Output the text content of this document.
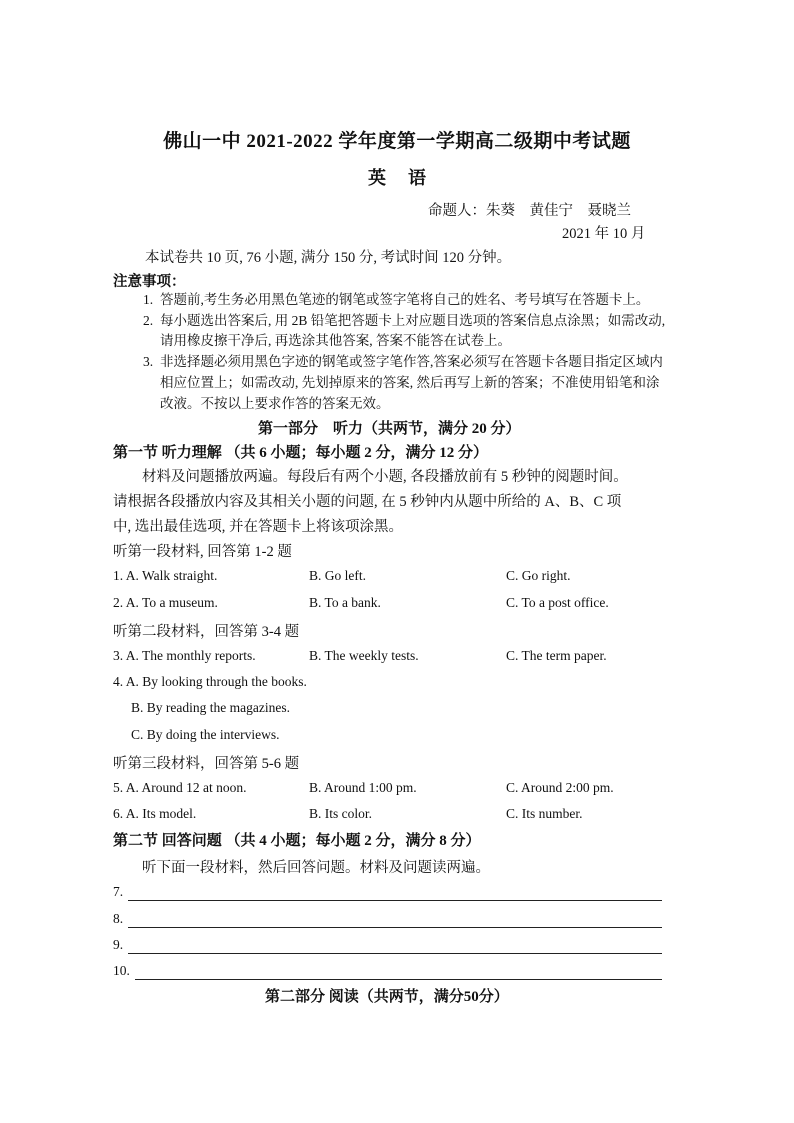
佛山一中 2021-2022 学年度第一学期高二级期中考试题
英语
命题人：朱葵　黄佳宁　聂晓兰
2021 年 10 月
本试卷共 10 页, 76 小题, 满分 150 分, 考试时间 120 分钟。
注意事项：
1. 答题前,考生务必用黑色笔迹的钢笔或签字笔将自己的姓名、考号填写在答题卡上。
2. 每小题选出答案后, 用 2B 铅笔把答题卡上对应题目选项的答案信息点涂黑；如需改动,
请用橡皮擦干净后, 再选涂其他答案, 答案不能答在试卷上。
3. 非选择题必须用黑色字迹的钢笔或签字笔作答,答案必须写在答题卡各题目指定区域内
相应位置上；如需改动, 先划掉原来的答案, 然后再写上新的答案；不准使用铅笔和涂
改液。不按以上要求作答的答案无效。
第一部分　听力（共两节，满分 20 分）
第一节 听力理解 （共 6 小题；每小题 2 分，满分 12 分）
　　材料及问题播放两遍。每段后有两个小题, 各段播放前有 5 秒钟的阅题时间。
请根据各段播放内容及其相关小题的问题, 在 5 秒钟内从题中所给的 A、B、C 项
中, 选出最佳选项, 并在答题卡上将该项涂黑。
听第一段材料, 回答第 1-2 题
1. A. Walk straight.	B. Go left.	C. Go right.
2. A. To a museum.	B. To a bank.	C. To a post office.
听第二段材料，回答第 3-4 题
3. A. The monthly reports.	B. The weekly tests.	C. The term paper.
4. A. By looking through the books.
B. By reading the magazines.
C. By doing the interviews.
听第三段材料，回答第 5-6 题
5. A. Around 12 at noon.	B. Around 1:00 pm.	C. Around 2:00 pm.
6. A. Its model.	B. Its color.	C. Its number.
第二节 回答问题 （共 4 小题；每小题 2 分，满分 8 分）
　　听下面一段材料，然后回答问题。材料及问题读两遍。
7.
8.
9.
10.
第二部分 阅读（共两节，满分50分）
